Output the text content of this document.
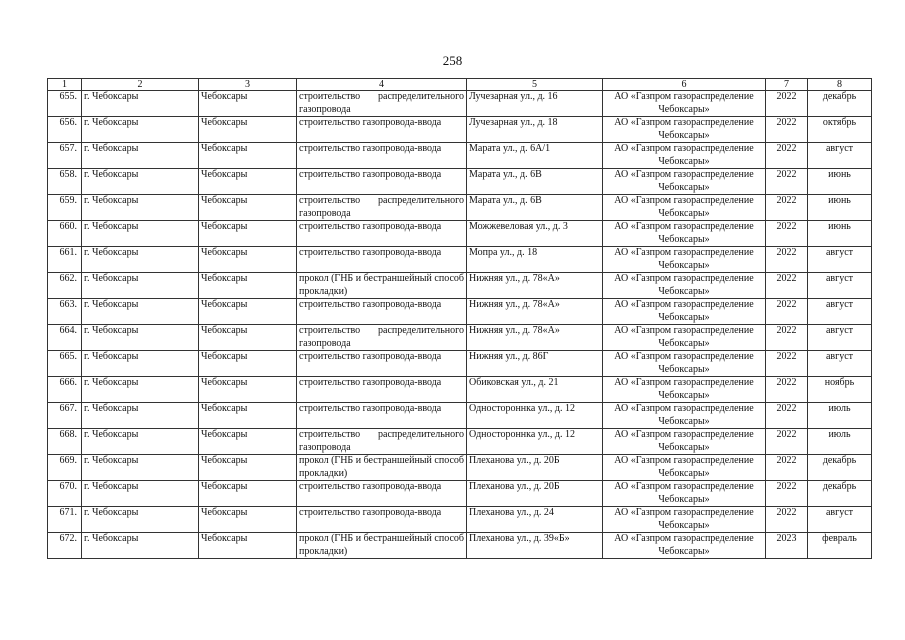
258
1	2	3	4	5	6	7	8
655.	г. Чебоксары	Чебоксары	строительство распределительного газопровода	Лучезарная ул., д. 16	АО «Газпром газораспределение Чебоксары»	2022	декабрь
656.	г. Чебоксары	Чебоксары	строительство газопровода-ввода	Лучезарная ул., д. 18	АО «Газпром газораспределение Чебоксары»	2022	октябрь
657.	г. Чебоксары	Чебоксары	строительство газопровода-ввода	Марата ул., д. 6А/1	АО «Газпром газораспределение Чебоксары»	2022	август
658.	г. Чебоксары	Чебоксары	строительство газопровода-ввода	Марата ул., д. 6В	АО «Газпром газораспределение Чебоксары»	2022	июнь
659.	г. Чебоксары	Чебоксары	строительство распределительного газопровода	Марата ул., д. 6В	АО «Газпром газораспределение Чебоксары»	2022	июнь
660.	г. Чебоксары	Чебоксары	строительство газопровода-ввода	Можжевеловая ул., д. 3	АО «Газпром газораспределение Чебоксары»	2022	июнь
661.	г. Чебоксары	Чебоксары	строительство газопровода-ввода	Мопра ул., д. 18	АО «Газпром газораспределение Чебоксары»	2022	август
662.	г. Чебоксары	Чебоксары	прокол (ГНБ и бестраншейный способ прокладки)	Нижняя ул., д. 78«А»	АО «Газпром газораспределение Чебоксары»	2022	август
663.	г. Чебоксары	Чебоксары	строительство газопровода-ввода	Нижняя ул., д. 78«А»	АО «Газпром газораспределение Чебоксары»	2022	август
664.	г. Чебоксары	Чебоксары	строительство распределительного газопровода	Нижняя ул., д. 78«А»	АО «Газпром газораспределение Чебоксары»	2022	август
665.	г. Чебоксары	Чебоксары	строительство газопровода-ввода	Нижняя ул., д. 86Г	АО «Газпром газораспределение Чебоксары»	2022	август
666.	г. Чебоксары	Чебоксары	строительство газопровода-ввода	Обиковская ул., д. 21	АО «Газпром газораспределение Чебоксары»	2022	ноябрь
667.	г. Чебоксары	Чебоксары	строительство газопровода-ввода	Одностороннка ул., д. 12	АО «Газпром газораспределение Чебоксары»	2022	июль
668.	г. Чебоксары	Чебоксары	строительство распределительного газопровода	Одностороннка ул., д. 12	АО «Газпром газораспределение Чебоксары»	2022	июль
669.	г. Чебоксары	Чебоксары	прокол (ГНБ и бестраншейный способ прокладки)	Плеханова ул., д. 20Б	АО «Газпром газораспределение Чебоксары»	2022	декабрь
670.	г. Чебоксары	Чебоксары	строительство газопровода-ввода	Плеханова ул., д. 20Б	АО «Газпром газораспределение Чебоксары»	2022	декабрь
671.	г. Чебоксары	Чебоксары	строительство газопровода-ввода	Плеханова ул., д. 24	АО «Газпром газораспределение Чебоксары»	2022	август
672.	г. Чебоксары	Чебоксары	прокол (ГНБ и бестраншейный способ прокладки)	Плеханова ул., д. 39«Б»	АО «Газпром газораспределение Чебоксары»	2023	февраль
